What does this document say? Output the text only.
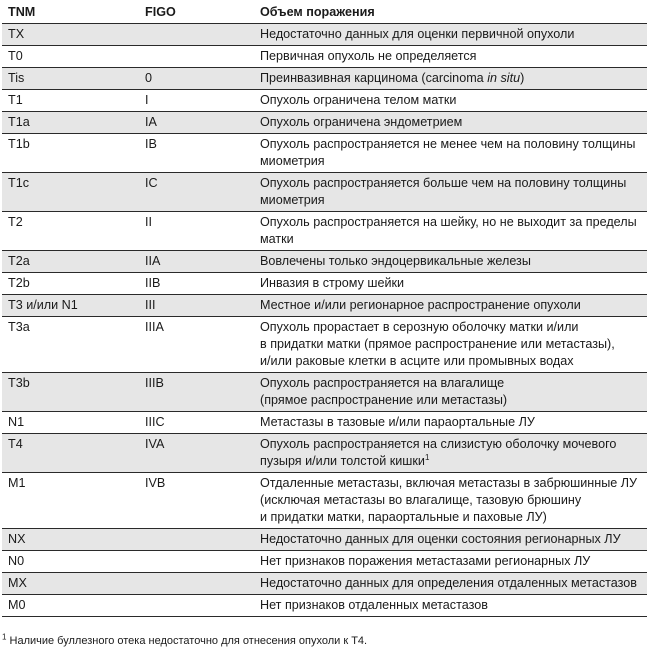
TNM	FIGO	Объем поражения
TX		Недостаточно данных для оценки первичной опухоли
T0		Первичная опухоль не определяется
Tis	0	Преинвазивная карцинома (carcinoma in situ)
T1	I	Опухоль ограничена телом матки
T1a	IA	Опухоль ограничена эндометрием
T1b	IB	Опухоль распространяется не менее чем на половину толщины
миометрия
T1c	IC	Опухоль распространяется больше чем на половину толщины
миометрия
T2	II	Опухоль распространяется на шейку, но не выходит за пределы
матки
T2a	IIA	Вовлечены только эндоцервикальные железы
T2b	IIB	Инвазия в строму шейки
T3 и/или N1	III	Местное и/или регионарное распространение опухоли
T3a	IIIA	Опухоль прорастает в серозную оболочку матки и/или
в придатки матки (прямое распространение или метастазы),
и/или раковые клетки в асците или промывных водах
T3b	IIIB	Опухоль распространяется на влагалище
(прямое распространение или метастазы)
N1	IIIC	Метастазы в тазовые и/или параортальные ЛУ
T4	IVA	Опухоль распространяется на слизистую оболочку мочевого
пузыря и/или толстой кишки$^1$
M1	IVB	Отдаленные метастазы, включая метастазы в забрюшинные ЛУ
(исключая метастазы во влагалище, тазовую брюшину
и придатки матки, параортальные и паховые ЛУ)
NX		Недостаточно данных для оценки состояния регионарных ЛУ
N0		Нет признаков поражения метастазами регионарных ЛУ
MX		Недостаточно данных для определения отдаленных метастазов
M0		Нет признаков отдаленных метастазов
$^1$ Наличие буллезного отека недостаточно для отнесения опухоли к Т4.
